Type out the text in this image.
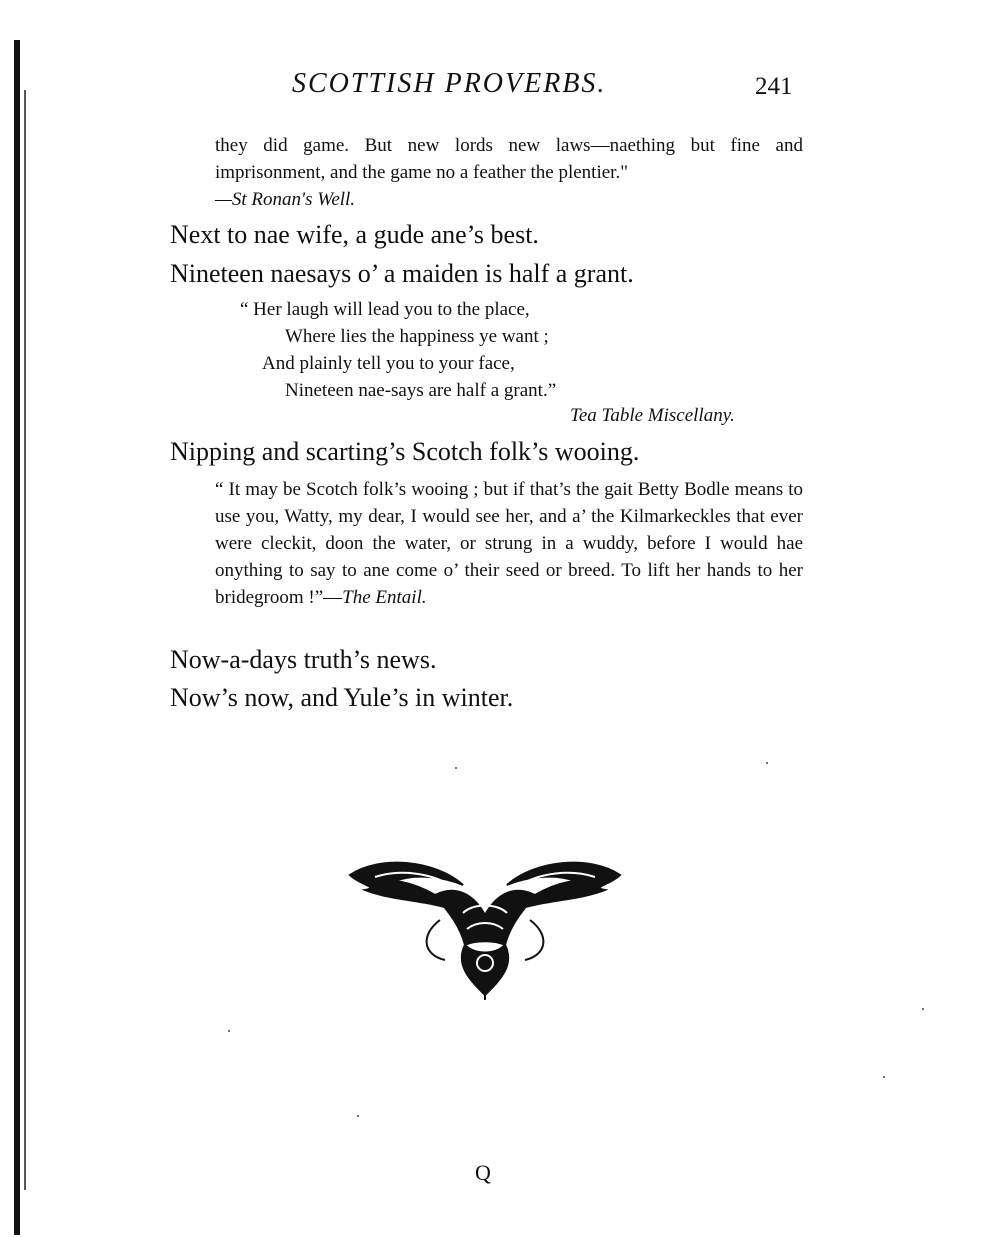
SCOTTISH PROVERBS.	241

they did game. But new lords new laws—naething but fine and imprisonment, and the game no a feather the plentier."

—St Ronan's Well.

Next to nae wife, a gude ane’s best.
Nineteen naesays o’ a maiden is half a grant.
“ Her laugh will lead you to the place,
Where lies the happiness ye want ;
And plainly tell you to your face,
Nineteen nae-says are half a grant.”
Tea Table Miscellany.
Nipping and scarting’s Scotch folk’s wooing.

“ It may be Scotch folk’s wooing ; but if that’s the gait Betty Bodle means to use you, Watty, my dear, I would see her, and a’ the Kilmarkeckles that ever were cleckit, doon the water, or strung in a wuddy, before I would hae onything to say to ane come o’ their seed or breed. To lift her hands to her bridegroom !”—The Entail.

Now-a-days truth’s news.
Now’s now, and Yule’s in winter.
Q
